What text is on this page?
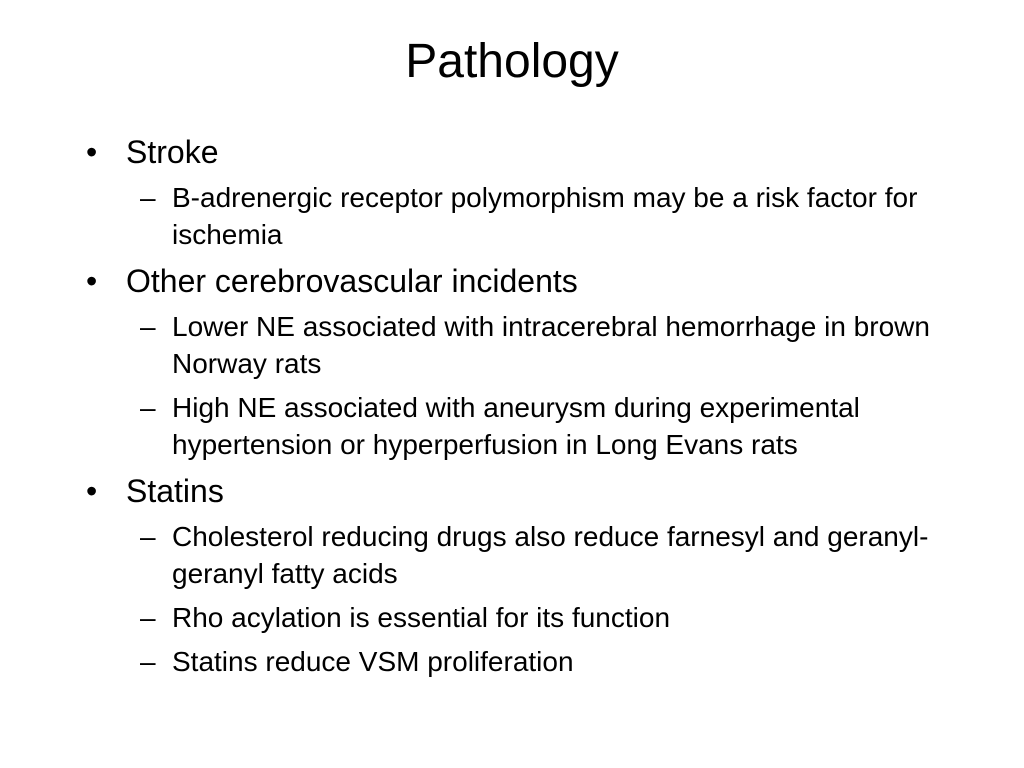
Pathology
• Stroke
– B-adrenergic receptor polymorphism may be a risk factor for ischemia
• Other cerebrovascular incidents
– Lower NE associated with intracerebral hemorrhage in brown Norway rats
– High NE associated with aneurysm during experimental hypertension or hyperperfusion in Long Evans rats
• Statins
– Cholesterol reducing drugs also reduce farnesyl and geranyl-geranyl fatty acids
– Rho acylation is essential for its function
– Statins reduce VSM proliferation
